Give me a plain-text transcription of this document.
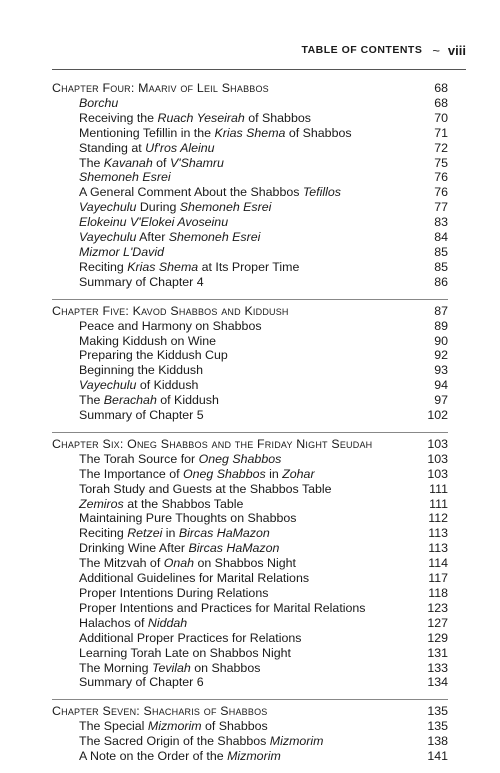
TABLE OF CONTENTS ~ viii
Chapter Four: Maariv of Leil Shabbos	68
Borchu	68
Receiving the Ruach Yeseirah of Shabbos	70
Mentioning Tefillin in the Krias Shema of Shabbos	71
Standing at Uf'ros Aleinu	72
The Kavanah of V'Shamru	75
Shemoneh Esrei	76
A General Comment About the Shabbos Tefillos	76
Vayechulu During Shemoneh Esrei	77
Elokeinu V'Elokei Avoseinu	83
Vayechulu After Shemoneh Esrei	84
Mizmor L'David	85
Reciting Krias Shema at Its Proper Time	85
Summary of Chapter 4	86
Chapter Five: Kavod Shabbos and Kiddush	87
Peace and Harmony on Shabbos	89
Making Kiddush on Wine	90
Preparing the Kiddush Cup	92
Beginning the Kiddush	93
Vayechulu of Kiddush	94
The Berachah of Kiddush	97
Summary of Chapter 5	102
Chapter Six: Oneg Shabbos and the Friday Night Seudah	103
The Torah Source for Oneg Shabbos	103
The Importance of Oneg Shabbos in Zohar	103
Torah Study and Guests at the Shabbos Table	111
Zemiros at the Shabbos Table	111
Maintaining Pure Thoughts on Shabbos	112
Reciting Retzei in Bircas HaMazon	113
Drinking Wine After Bircas HaMazon	113
The Mitzvah of Onah on Shabbos Night	114
Additional Guidelines for Marital Relations	117
Proper Intentions During Relations	118
Proper Intentions and Practices for Marital Relations	123
Halachos of Niddah	127
Additional Proper Practices for Relations	129
Learning Torah Late on Shabbos Night	131
The Morning Tevilah on Shabbos	133
Summary of Chapter 6	134
Chapter Seven: Shacharis of Shabbos	135
The Special Mizmorim of Shabbos	135
The Sacred Origin of the Shabbos Mizmorim	138
A Note on the Order of the Mizmorim	141
